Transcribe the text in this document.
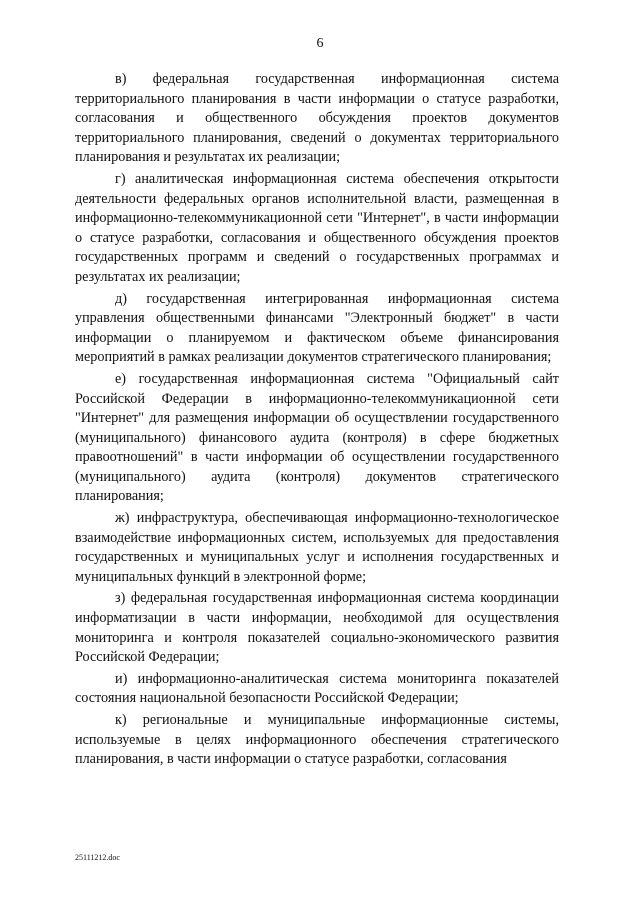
6

в) федеральная государственная информационная система территориального планирования в части информации о статусе разработки, согласования и общественного обсуждения проектов документов территориального планирования, сведений о документах территориального планирования и результатах их реализации;

г) аналитическая информационная система обеспечения открытости деятельности федеральных органов исполнительной власти, размещенная в информационно-телекоммуникационной сети "Интернет", в части информации о статусе разработки, согласования и общественного обсуждения проектов государственных программ и сведений о государственных программах и результатах их реализации;

д) государственная интегрированная информационная система управления общественными финансами "Электронный бюджет" в части информации о планируемом и фактическом объеме финансирования мероприятий в рамках реализации документов стратегического планирования;

е) государственная информационная система "Официальный сайт Российской Федерации в информационно-телекоммуникационной сети "Интернет" для размещения информации об осуществлении государственного (муниципального) финансового аудита (контроля) в сфере бюджетных правоотношений" в части информации об осуществлении государственного (муниципального) аудита (контроля) документов стратегического планирования;

ж) инфраструктура, обеспечивающая информационно-технологическое взаимодействие информационных систем, используемых для предоставления государственных и муниципальных услуг и исполнения государственных и муниципальных функций в электронной форме;

з) федеральная государственная информационная система координации информатизации в части информации, необходимой для осуществления мониторинга и контроля показателей социально-экономического развития Российской Федерации;

и) информационно-аналитическая система мониторинга показателей состояния национальной безопасности Российской Федерации;

к) региональные и муниципальные информационные системы, используемые в целях информационного обеспечения стратегического планирования, в части информации о статусе разработки, согласования

25111212.doc
